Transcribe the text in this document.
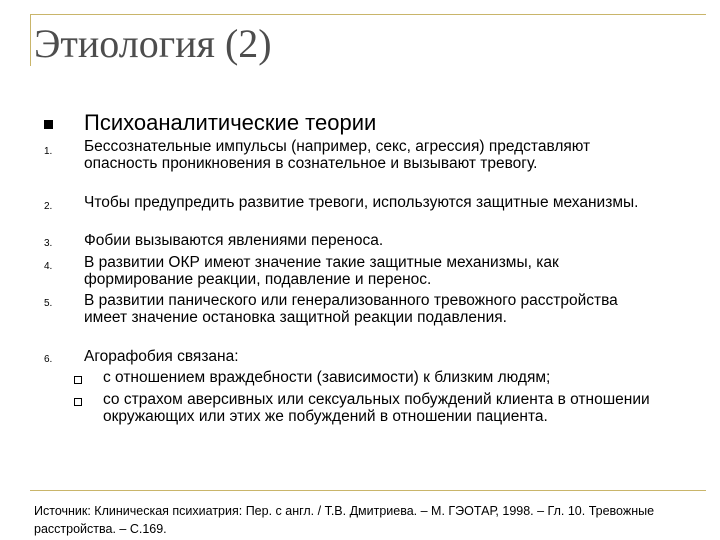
Этиология (2)
Психоаналитические теории
1. Бессознательные импульсы (например, секс, агрессия) представляют опасность проникновения в сознательное и вызывают тревогу.
2. Чтобы предупредить развитие тревоги, используются защитные механизмы.
3. Фобии вызываются явлениями переноса.
4. В развитии ОКР имеют значение такие защитные механизмы, как формирование реакции, подавление и перенос.
5. В развитии панического или генерализованного тревожного расстройства имеет значение остановка защитной реакции подавления.
6. Агорафобия связана:
с отношением враждебности (зависимости) к близким людям;
со страхом аверсивных или сексуальных побуждений клиента в отношении окружающих или этих же побуждений в отношении пациента.
Источник: Клиническая психиатрия: Пер. с англ. / Т.В. Дмитриева. – М. ГЭОТАР, 1998. – Гл. 10. Тревожные расстройства. – С.169.
